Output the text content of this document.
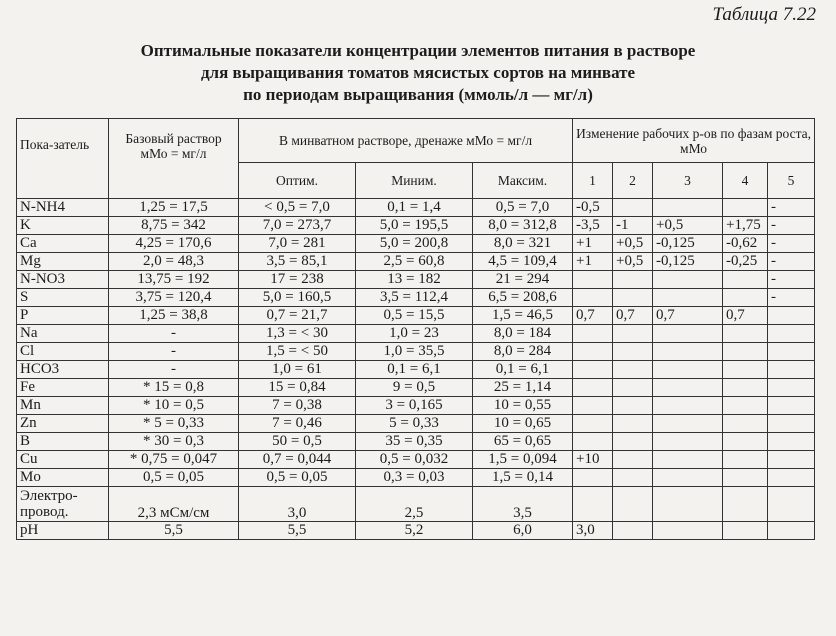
Таблица 7.22
Оптимальные показатели концентрации элементов питания в растворе
для выращивания томатов мясистых сортов на минвате
по периодам выращивания (ммоль/л — мг/л)
Пока-затель	Базовый раствор мМо = мг/л	В минватном растворе, дренаже мМо = мг/л			Изменение рабочих р-ов по фазам роста, мМо				
		Оптим.	Миним.	Максим.	1	2	3	4	5
N-NH4	1,25 = 17,5	< 0,5 = 7,0	0,1 = 1,4	0,5 = 7,0	-0,5				-
K	8,75 = 342	7,0 = 273,7	5,0 = 195,5	8,0 = 312,8	-3,5	-1	+0,5	+1,75	-
Ca	4,25 = 170,6	7,0 = 281	5,0 = 200,8	8,0 = 321	+1	+0,5	-0,125	-0,62	-
Mg	2,0 = 48,3	3,5 = 85,1	2,5 = 60,8	4,5 = 109,4	+1	+0,5	-0,125	-0,25	-
N-NO3	13,75 = 192	17 = 238	13 = 182	21 = 294					-
S	3,75 = 120,4	5,0 = 160,5	3,5 = 112,4	6,5 = 208,6					-
P	1,25 = 38,8	0,7 = 21,7	0,5 = 15,5	1,5 = 46,5	0,7	0,7	0,7	0,7	
Na	-	1,3 = < 30	1,0 = 23	8,0 = 184					
Cl	-	1,5 = < 50	1,0 = 35,5	8,0 = 284					
HCO3	-	1,0 = 61	0,1 = 6,1	0,1 = 6,1					
Fe	* 15 = 0,8	15 = 0,84	9 = 0,5	25 = 1,14					
Mn	* 10 = 0,5	7 = 0,38	3 = 0,165	10 = 0,55					
Zn	* 5 = 0,33	7 = 0,46	5 = 0,33	10 = 0,65					
B	* 30 = 0,3	50 = 0,5	35 = 0,35	65 = 0,65					
Cu	* 0,75 = 0,047	0,7 = 0,044	0,5 = 0,032	1,5 = 0,094	+10				
Mo	0,5 = 0,05	0,5 = 0,05	0,3 = 0,03	1,5 = 0,14					
Электро-
провод.	2,3 мСм/см	3,0	2,5	3,5					
pH	5,5	5,5	5,2	6,0	3,0				
